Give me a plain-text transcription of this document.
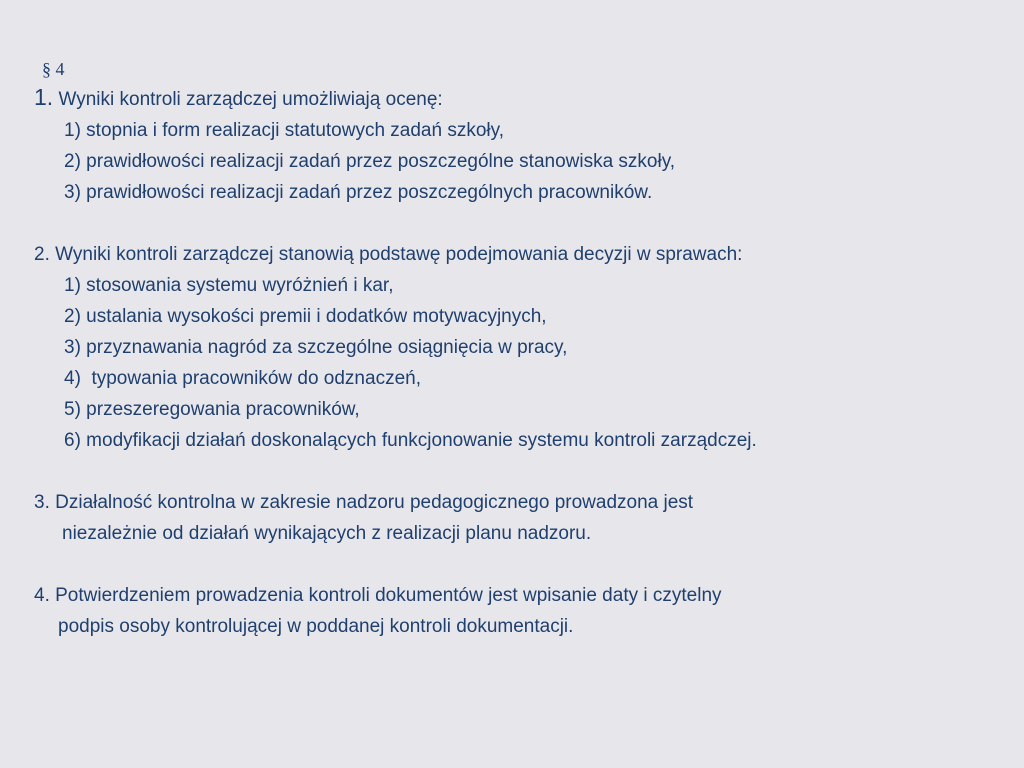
§ 4
1. Wyniki kontroli zarządczej umożliwiają ocenę:
1) stopnia i form realizacji statutowych zadań szkoły,
2) prawidłowości realizacji zadań przez poszczególne stanowiska szkoły,
3) prawidłowości realizacji zadań przez poszczególnych pracowników.
2. Wyniki kontroli zarządczej stanowią podstawę podejmowania decyzji w sprawach:
1) stosowania systemu wyróżnień i kar,
2) ustalania wysokości premii i dodatków motywacyjnych,
3) przyznawania nagród za szczególne osiągnięcia w pracy,
4)  typowania pracowników do odznaczeń,
5) przeszeregowania pracowników,
6) modyfikacji działań doskonalących funkcjonowanie systemu kontroli zarządczej.
3. Działalność kontrolna w zakresie nadzoru pedagogicznego prowadzona jest
niezależnie od działań wynikających z realizacji planu nadzoru.
4. Potwierdzeniem prowadzenia kontroli dokumentów jest wpisanie daty i czytelny
podpis osoby kontrolującej w poddanej kontroli dokumentacji.
